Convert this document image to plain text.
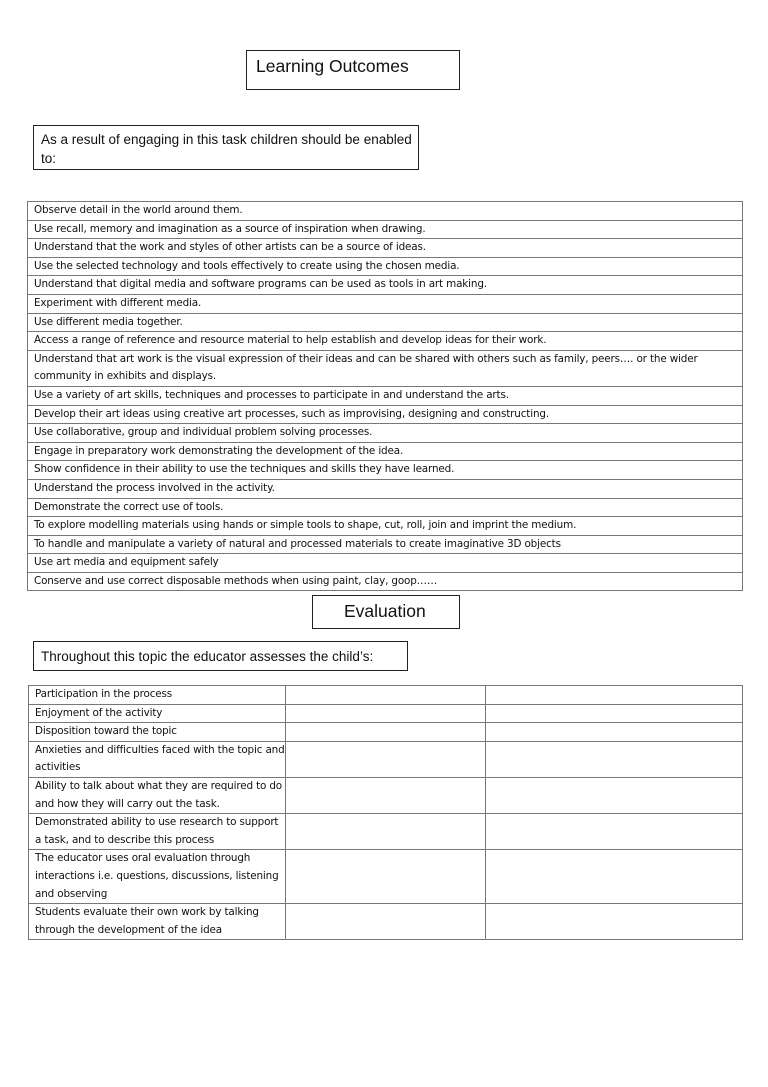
Learning Outcomes
As a result of engaging in this task children should be enabled to:
Observe detail in the world around them.
Use recall, memory and imagination as a source of inspiration when drawing.
Understand that the work and styles of other artists can be a source of ideas.
Use the selected technology and tools effectively to create using the chosen media.
Understand that digital media and software programs can be used as tools in art making.
Experiment with different media.
Use different media together.
Access a range of reference and resource material to help establish and develop ideas for their work.
Understand that art work is the visual expression of their ideas and can be shared with others such as family, peers…. or the wider community in exhibits and displays.
Use a variety of art skills, techniques and processes to participate in and understand the arts.
Develop their art ideas using creative art processes, such as improvising, designing and constructing.
Use collaborative, group and individual problem solving processes.
Engage in preparatory work demonstrating the development of the idea.
Show confidence in their ability to use the techniques and skills they have learned.
Understand the process involved in the activity.
Demonstrate the correct use of tools.
To explore modelling materials using hands or simple tools to shape, cut, roll, join and imprint the medium.
To handle and manipulate a variety of natural and processed materials to create imaginative 3D objects
Use art media and equipment safely
Conserve and use correct disposable methods when using paint, clay, goop……
Evaluation
Throughout this topic the educator assesses the child’s:
Participation in the process		
Enjoyment of the activity		
Disposition toward the topic		
Anxieties and difficulties faced with the topic and activities		
Ability to talk about what they are required to do and how they will carry out the task.		
Demonstrated ability to use research to support a task, and to describe this process		
The educator uses oral evaluation through interactions i.e. questions, discussions, listening and observing		
Students evaluate their own work by talking through the development of the idea		
